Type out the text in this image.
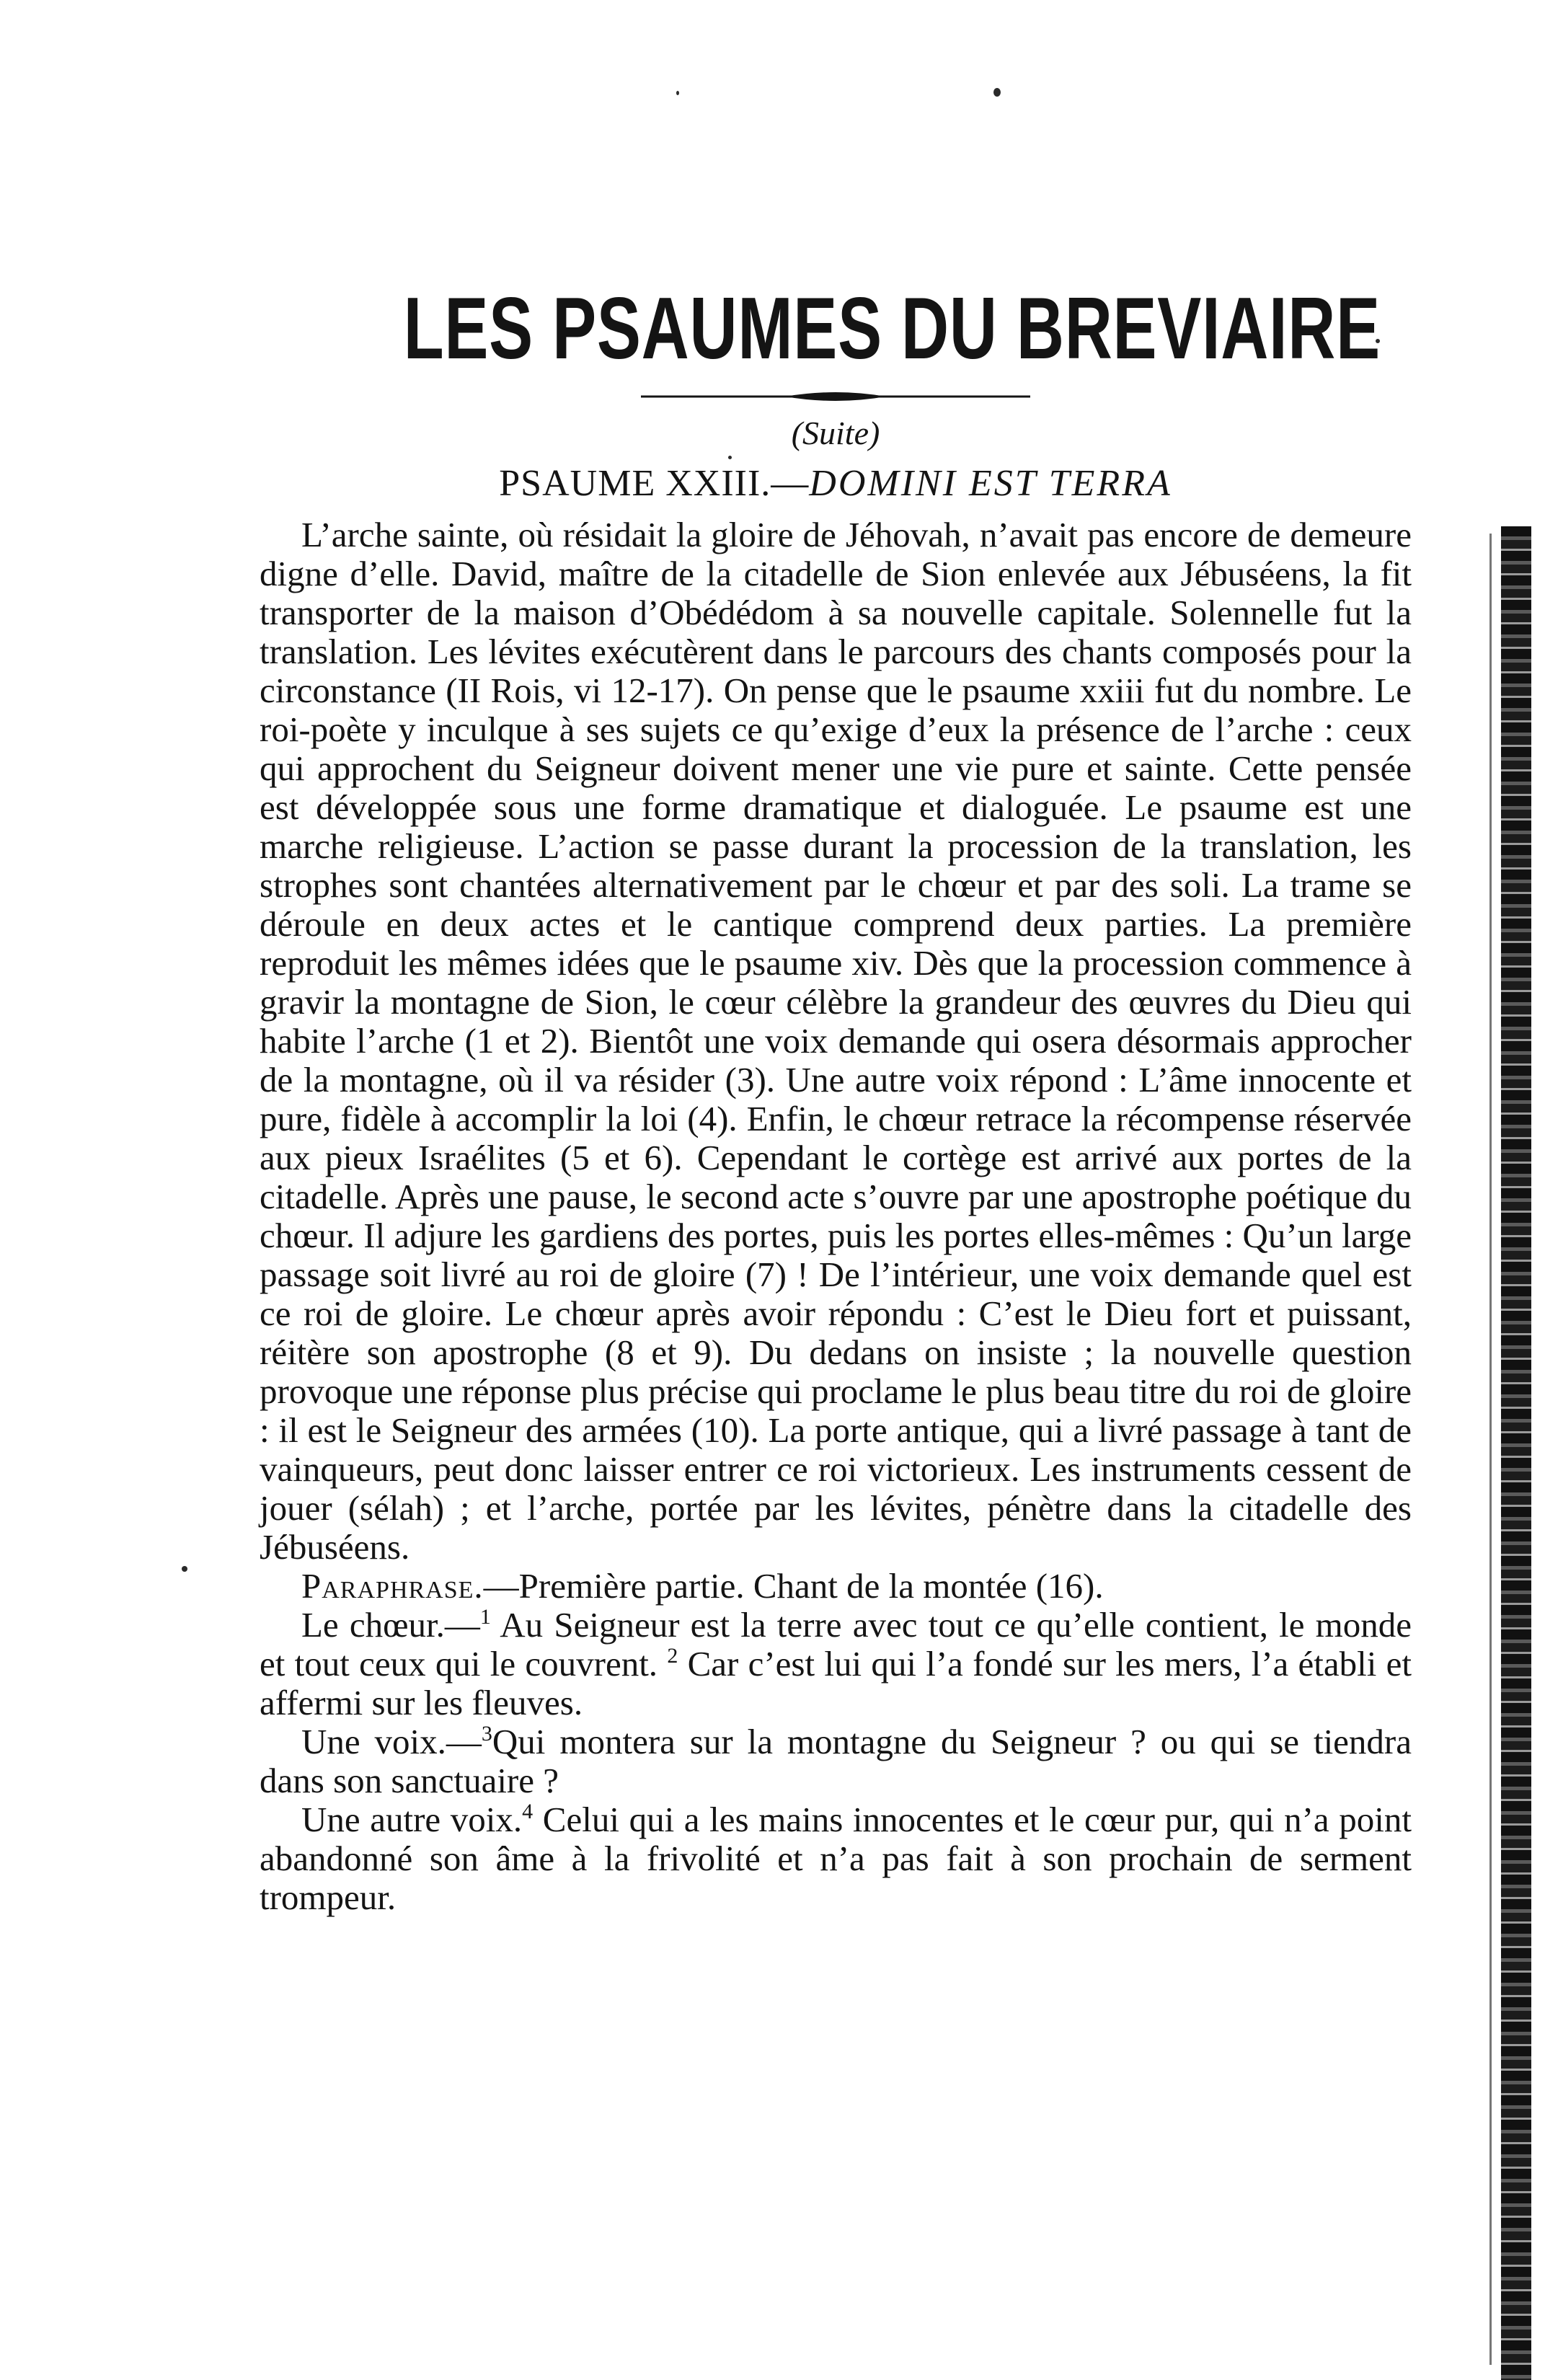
LES PSAUMES DU BREVIAIRE
(Suite)
PSAUME XXIII.—DOMINI EST TERRA

L’arche sainte, où résidait la gloire de Jéhovah, n’avait pas encore de demeure digne d’elle. David, maître de la citadelle de Sion enlevée aux Jébuséens, la fit transporter de la maison d’Obédédom à sa nouvelle capitale. Solennelle fut la translation. Les lévites exécutèrent dans le parcours des chants composés pour la circonstance (II Rois, vi 12-17). On pense que le psaume xxiii fut du nombre. Le roi-poète y inculque à ses sujets ce qu’exige d’eux la présence de l’arche : ceux qui approchent du Seigneur doivent mener une vie pure et sainte. Cette pensée est développée sous une forme dramatique et dialoguée. Le psaume est une marche religieuse. L’action se passe durant la procession de la translation, les strophes sont chantées alternativement par le chœur et par des soli. La trame se déroule en deux actes et le cantique comprend deux parties. La première reproduit les mêmes idées que le psaume xiv. Dès que la procession commence à gravir la montagne de Sion, le cœur célèbre la grandeur des œuvres du Dieu qui habite l’arche (1 et 2). Bientôt une voix demande qui osera désormais approcher de la montagne, où il va résider (3). Une autre voix répond : L’âme innocente et pure, fidèle à accomplir la loi (4). Enfin, le chœur retrace la récompense réservée aux pieux Israélites (5 et 6). Cependant le cortège est arrivé aux portes de la citadelle. Après une pause, le second acte s’ouvre par une apostrophe poétique du chœur. Il adjure les gardiens des portes, puis les portes elles-mêmes : Qu’un large passage soit livré au roi de gloire (7) ! De l’intérieur, une voix demande quel est ce roi de gloire. Le chœur après avoir répondu : C’est le Dieu fort et puissant, réitère son apostrophe (8 et 9). Du dedans on insiste ; la nouvelle question provoque une réponse plus précise qui proclame le plus beau titre du roi de gloire : il est le Seigneur des armées (10). La porte antique, qui a livré passage à tant de vainqueurs, peut donc laisser entrer ce roi victorieux. Les instruments cessent de jouer (sélah) ; et l’arche, portée par les lévites, pénètre dans la citadelle des Jébuséens.

Paraphrase.—Première partie. Chant de la montée (16).

Le chœur.—$^1$ Au Seigneur est la terre avec tout ce qu’elle contient, le monde et tout ceux qui le couvrent. $^2$ Car c’est lui qui l’a fondé sur les mers, l’a établi et affermi sur les fleuves.

Une voix.—$^3$Qui montera sur la montagne du Seigneur ? ou qui se tiendra dans son sanctuaire ?

Une autre voix.$^4$ Celui qui a les mains innocentes et le cœur pur, qui n’a point abandonné son âme à la frivolité et n’a pas fait à son prochain de serment trompeur.
